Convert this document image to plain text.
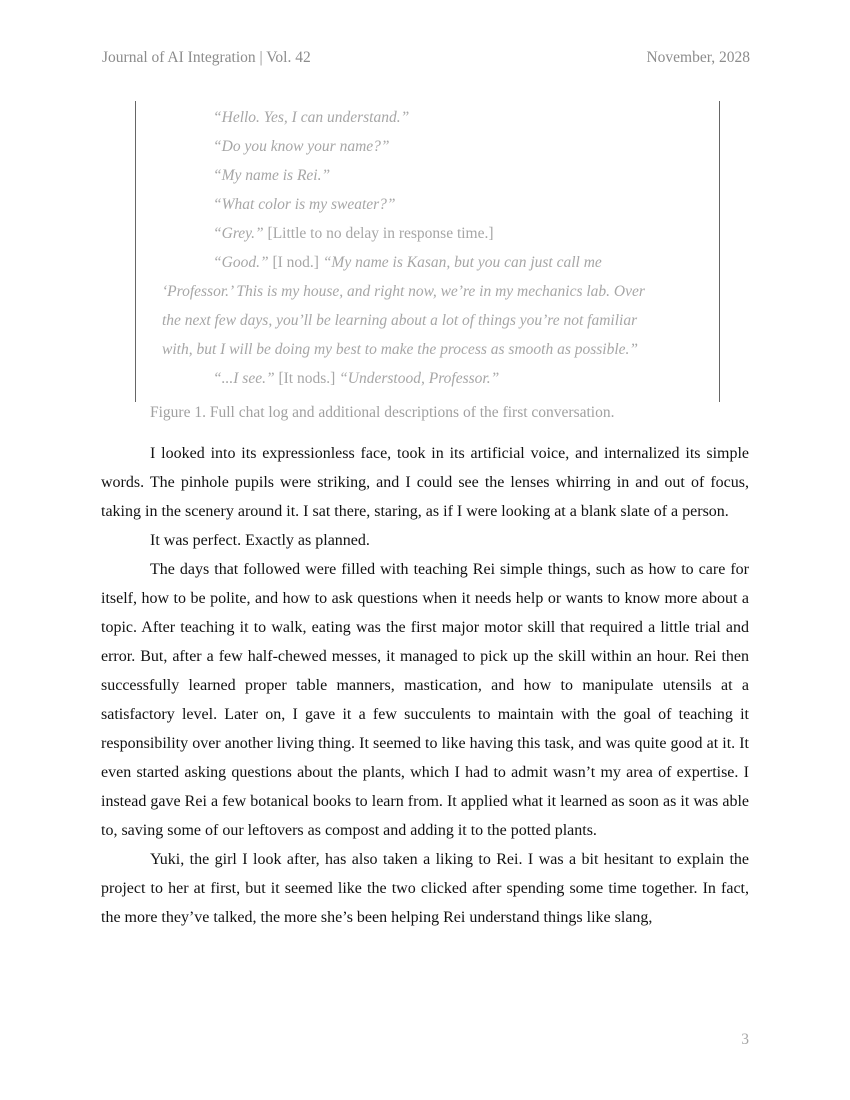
Journal of AI Integration | Vol. 42	November, 2028
“Hello. Yes, I can understand.”
“Do you know your name?”
“My name is Rei.”
“What color is my sweater?”
“Grey.” [Little to no delay in response time.]
“Good.” [I nod.] “My name is Kasan, but you can just call me
‘Professor.’ This is my house, and right now, we’re in my mechanics lab. Over
the next few days, you’ll be learning about a lot of things you’re not familiar
with, but I will be doing my best to make the process as smooth as possible.”
“...I see.” [It nods.] “Understood, Professor.”
Figure 1. Full chat log and additional descriptions of the first conversation.

I looked into its expressionless face, took in its artificial voice, and internalized its simple words. The pinhole pupils were striking, and I could see the lenses whirring in and out of focus, taking in the scenery around it. I sat there, staring, as if I were looking at a blank slate of a person.

It was perfect. Exactly as planned.

The days that followed were filled with teaching Rei simple things, such as how to care for itself, how to be polite, and how to ask questions when it needs help or wants to know more about a topic. After teaching it to walk, eating was the first major motor skill that required a little trial and error. But, after a few half-chewed messes, it managed to pick up the skill within an hour. Rei then successfully learned proper table manners, mastication, and how to manipulate utensils at a satisfactory level. Later on, I gave it a few succulents to maintain with the goal of teaching it responsibility over another living thing. It seemed to like having this task, and was quite good at it. It even started asking questions about the plants, which I had to admit wasn’t my area of expertise. I instead gave Rei a few botanical books to learn from. It applied what it learned as soon as it was able to, saving some of our leftovers as compost and adding it to the potted plants.

Yuki, the girl I look after, has also taken a liking to Rei. I was a bit hesitant to explain the project to her at first, but it seemed like the two clicked after spending some time together. In fact, the more they’ve talked, the more she’s been helping Rei understand things like slang,

3
